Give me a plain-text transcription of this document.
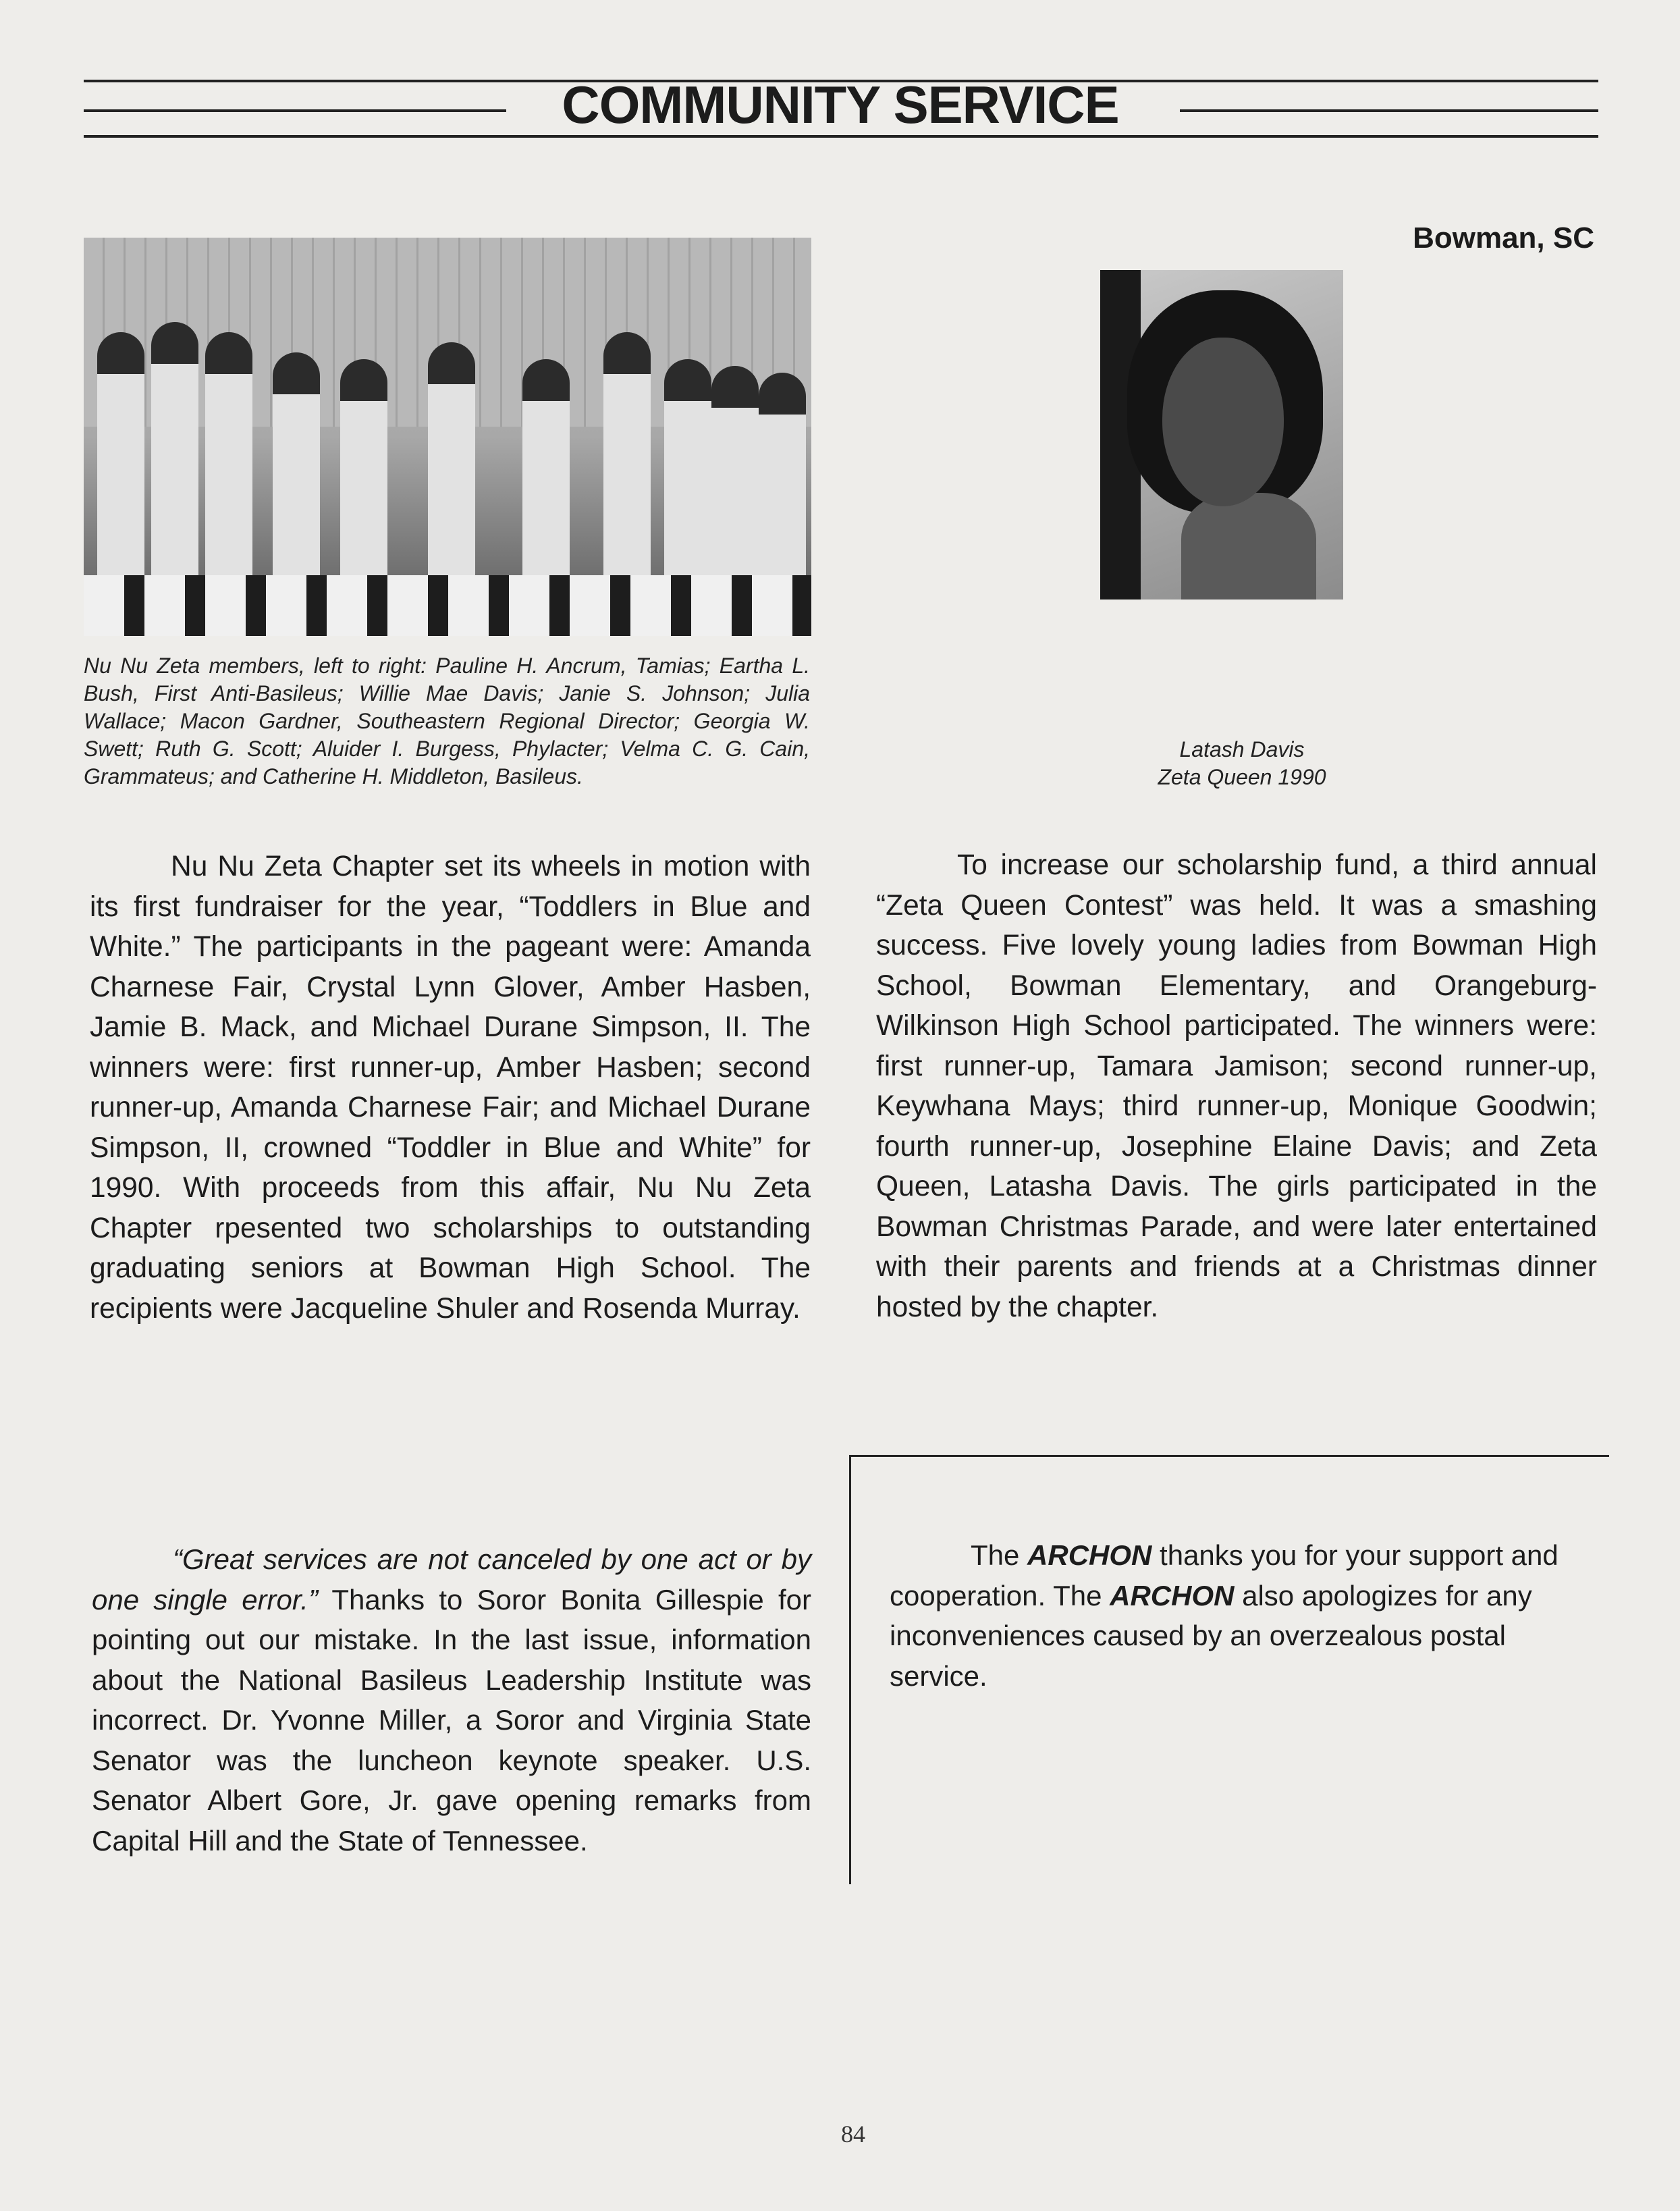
COMMUNITY SERVICE
Bowman, SC
Nu Nu Zeta members, left to right: Pauline H. Ancrum, Tamias; Eartha L. Bush, First Anti-Basileus; Willie Mae Davis; Janie S. Johnson; Julia Wallace; Macon Gardner, Southeastern Regional Director; Georgia W. Swett; Ruth G. Scott; Aluider I. Burgess, Phylacter; Velma C. G. Cain, Grammateus; and Catherine H. Middleton, Basileus.
Latash Davis
Zeta Queen 1990

Nu Nu Zeta Chapter set its wheels in motion with its first fundraiser for the year, “Toddlers in Blue and White.” The participants in the pageant were: Amanda Charnese Fair, Crystal Lynn Glover, Amber Hasben, Jamie B. Mack, and Michael Durane Simpson, II. The winners were: first runner-up, Amber Hasben; second runner-up, Amanda Charnese Fair; and Michael Durane Simpson, II, crowned “Toddler in Blue and White” for 1990. With proceeds from this affair, Nu Nu Zeta Chapter rpesented two scholarships to outstanding graduating seniors at Bowman High School. The recipients were Jacqueline Shuler and Rosenda Murray.

To increase our scholarship fund, a third annual “Zeta Queen Contest” was held. It was a smashing success. Five lovely young ladies from Bowman High School, Bowman Elementary, and Orangeburg-Wilkinson High School participated. The winners were: first runner-up, Tamara Jamison; second runner-up, Keywhana Mays; third runner-up, Monique Goodwin; fourth runner-up, Josephine Elaine Davis; and Zeta Queen, Latasha Davis. The girls participated in the Bowman Christmas Parade, and were later entertained with their parents and friends at a Christmas dinner hosted by the chapter.

“Great services are not canceled by one act or by one single error.” Thanks to Soror Bonita Gillespie for pointing out our mistake. In the last issue, information about the National Basileus Leadership Institute was incorrect. Dr. Yvonne Miller, a Soror and Virginia State Senator was the luncheon keynote speaker. U.S. Senator Albert Gore, Jr. gave opening remarks from Capital Hill and the State of Tennessee.

The ARCHON thanks you for your support and cooperation. The ARCHON also apologizes for any inconveniences caused by an overzealous postal service.

84
